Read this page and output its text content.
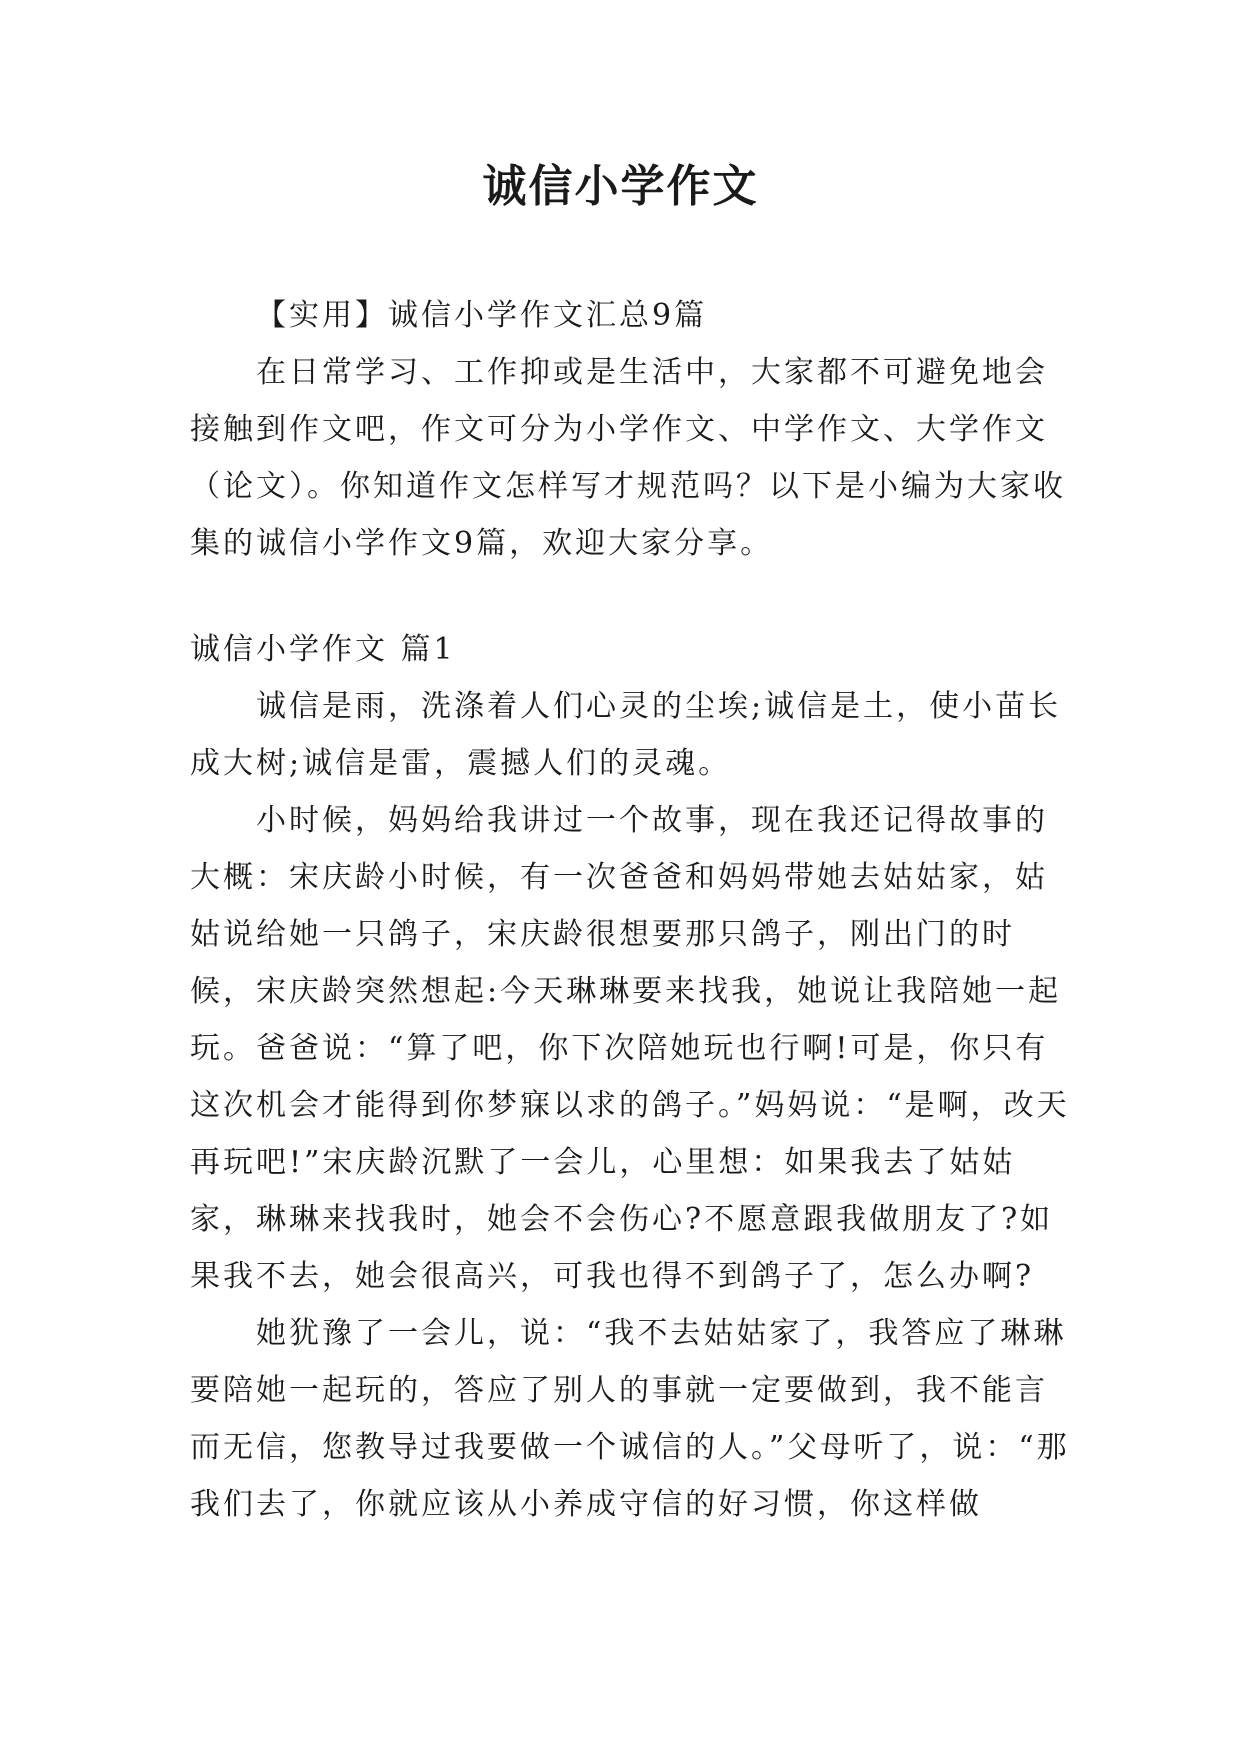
诚信小学作文

【实用】诚信小学作文汇总9篇

在日常学习、工作抑或是生活中，大家都不可避免地会接触到作文吧，作文可分为小学作文、中学作文、大学作文（论文）。你知道作文怎样写才规范吗？以下是小编为大家收集的诚信小学作文9篇，欢迎大家分享。

诚信小学作文 篇1

诚信是雨，洗涤着人们心灵的尘埃;诚信是土，使小苗长成大树;诚信是雷，震撼人们的灵魂。

小时候，妈妈给我讲过一个故事，现在我还记得故事的大概：宋庆龄小时候，有一次爸爸和妈妈带她去姑姑家，姑姑说给她一只鸽子，宋庆龄很想要那只鸽子，刚出门的时候，宋庆龄突然想起:今天琳琳要来找我，她说让我陪她一起玩。爸爸说：“算了吧，你下次陪她玩也行啊!可是，你只有这次机会才能得到你梦寐以求的鸽子。”妈妈说：“是啊，改天再玩吧!”宋庆龄沉默了一会儿，心里想：如果我去了姑姑家，琳琳来找我时，她会不会伤心?不愿意跟我做朋友了?如果我不去，她会很高兴，可我也得不到鸽子了，怎么办啊?

她犹豫了一会儿，说：“我不去姑姑家了，我答应了琳琳要陪她一起玩的，答应了别人的事就一定要做到，我不能言而无信，您教导过我要做一个诚信的人。”父母听了，说：“那我们去了，你就应该从小养成守信的好习惯，你这样做
